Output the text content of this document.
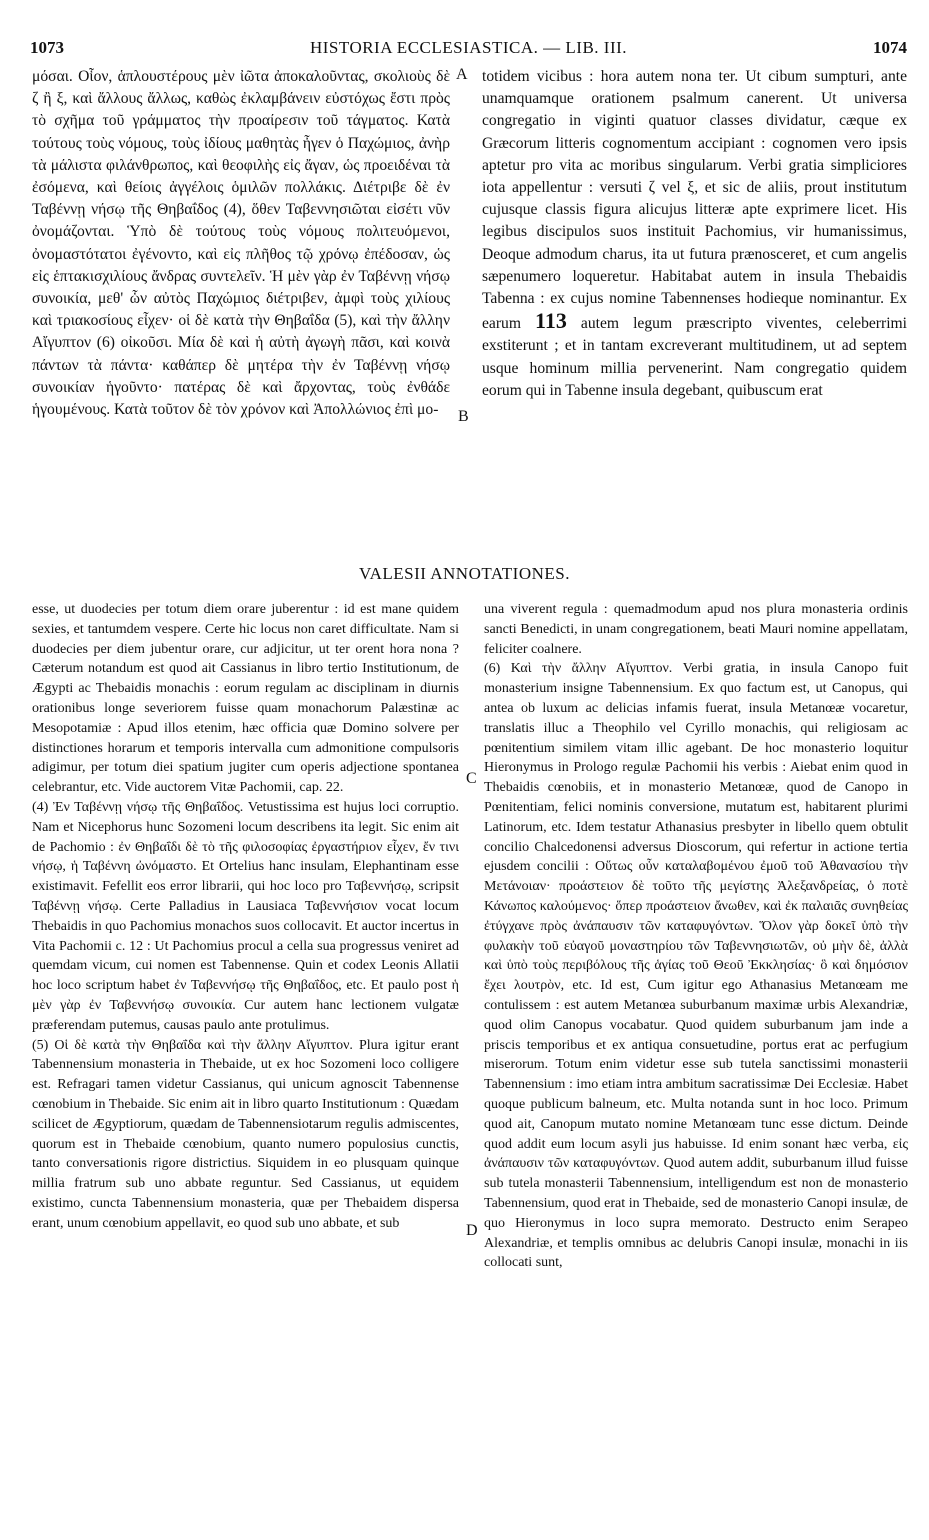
1073	HISTORIA ECCLESIASTICA. — LIB. III.	1074

μόσαι. Οἷον, ἁπλουστέρους μὲν ἰῶτα ἀποκαλοῦντας, σκολιοὺς δὲ ζ ἢ ξ, καὶ ἄλλους ἄλλως, καθὼς ἐκλαμβάνειν εὐστόχως ἔστι πρὸς τὸ σχῆμα τοῦ γράμματος τὴν προαίρεσιν τοῦ τάγματος. Κατὰ τούτους τοὺς νόμους, τοὺς ἰδίους μαθητὰς ἦγεν ὁ Παχώμιος, ἀνὴρ τὰ μάλιστα φιλάνθρωπος, καὶ θεοφιλὴς εἰς ἄγαν, ὡς προειδέναι τὰ ἐσόμενα, καὶ θείοις ἀγγέλοις ὁμιλῶν πολλάκις. Διέτριβε δὲ ἐν Ταβέννῃ νήσῳ τῆς Θηβαΐδος (4), ὅθεν Ταβεννησιῶται εἰσέτι νῦν ὀνομάζονται. Ὑπὸ δὲ τούτους τοὺς νόμους πολιτευόμενοι, ὀνομαστότατοι ἐγένοντο, καὶ εἰς πλῆθος τῷ χρόνῳ ἐπέδοσαν, ὡς εἰς ἑπτακισχιλίους ἄνδρας συντελεῖν. Ἡ μὲν γὰρ ἐν Ταβέννῃ νήσῳ συνοικία, μεθ' ὧν αὐτὸς Παχώμιος διέτριβεν, ἀμφὶ τοὺς χιλίους καὶ τριακοσίους εἶχεν· οἱ δὲ κατὰ τὴν Θηβαΐδα (5), καὶ τὴν ἄλλην Αἴγυπτον (6) οἰκοῦσι. Μία δὲ καὶ ἡ αὐτὴ ἀγωγὴ πᾶσι, καὶ κοινὰ πάντων τὰ πάντα· καθάπερ δὲ μητέρα τὴν ἐν Ταβέννῃ νήσῳ συνοικίαν ἡγοῦντο· πατέρας δὲ καὶ ἄρχοντας, τοὺς ἐνθάδε ἡγουμένους. Κατὰ τοῦτον δὲ τὸν χρόνον καὶ Ἀπολλώνιος ἐπὶ μο-

A
B

totidem vicibus : hora autem nona ter. Ut cibum sumpturi, ante unamquamque orationem psalmum canerent. Ut universa congregatio in viginti quatuor classes dividatur, cæque ex Græcorum litteris cognomentum accipiant : cognomen vero ipsis aptetur pro vita ac moribus singularum. Verbi gratia simpliciores iota appellentur : versuti ζ vel ξ, et sic de aliis, prout institutum cujusque classis figura alicujus litteræ apte exprimere licet. His legibus discipulos suos instituit Pachomius, vir humanissimus, Deoque admodum charus, ita ut futura prænosceret, et cum angelis sæpenumero loqueretur. Habitabat autem in insula Thebaidis Tabenna : ex cujus nomine Tabennenses hodieque nominantur. Ex earum 113 autem legum præscripto viventes, celeberrimi exstiterunt ; et in tantam excreverant multitudinem, ut ad septem usque hominum millia pervenerint. Nam congregatio quidem eorum qui in Tabenne insula degebant, quibuscum erat

VALESII ANNOTATIONES.

esse, ut duodecies per totum diem orare juberentur : id est mane quidem sexies, et tantumdem vespere. Certe hic locus non caret difficultate. Nam si duodecies per diem jubentur orare, cur adjicitur, ut ter orent hora nona ? Cæterum notandum est quod ait Cassianus in libro tertio Institutionum, de Ægypti ac Thebaidis monachis : eorum regulam ac disciplinam in diurnis orationibus longe severiorem fuisse quam monachorum Palæstinæ ac Mesopotamiæ : Apud illos etenim, hæc officia quæ Domino solvere per distinctiones horarum et temporis intervalla cum admonitione compulsoris adigimur, per totum diei spatium jugiter cum operis adjectione spontanea celebrantur, etc. Vide auctorem Vitæ Pachomii, cap. 22.

(4) Ἐν Ταβέννῃ νήσῳ τῆς Θηβαΐδος. Vetustissima est hujus loci corruptio. Nam et Nicephorus hunc Sozomeni locum describens ita legit. Sic enim ait de Pachomio : ἐν Θηβαΐδι δὲ τὸ τῆς φιλοσοφίας ἐργαστήριον εἶχεν, ἔν τινι νήσῳ, ἡ Ταβέννη ὠνόμαστο. Et Ortelius hanc insulam, Elephantinam esse existimavit. Fefellit eos error librarii, qui hoc loco pro Ταβεννήσῳ, scripsit Ταβέννῃ νήσῳ. Certe Palladius in Lausiaca Ταβεννήσιον vocat locum Thebaidis in quo Pachomius monachos suos collocavit. Et auctor incertus in Vita Pachomii c. 12 : Ut Pachomius procul a cella sua progressus veniret ad quemdam vicum, cui nomen est Tabennense. Quin et codex Leonis Allatii hoc loco scriptum habet ἐν Ταβεννήσῳ τῆς Θηβαΐδος, etc. Et paulo post ἡ μὲν γὰρ ἐν Ταβεννήσῳ συνοικία. Cur autem hanc lectionem vulgatæ præferendam putemus, causas paulo ante protulimus.

(5) Οἱ δὲ κατὰ τὴν Θηβαΐδα καὶ τὴν ἄλλην Αἴγυπτον. Plura igitur erant Tabennensium monasteria in Thebaide, ut ex hoc Sozomeni loco colligere est. Refragari tamen videtur Cassianus, qui unicum agnoscit Tabennense cœnobium in Thebaide. Sic enim ait in libro quarto Institutionum : Quædam scilicet de Ægyptiorum, quædam de Tabennensiotarum regulis admiscentes, quorum est in Thebaide cœnobium, quanto numero populosius cunctis, tanto conversationis rigore districtius. Siquidem in eo plusquam quinque millia fratrum sub uno abbate reguntur. Sed Cassianus, ut equidem existimo, cuncta Tabennensium monasteria, quæ per Thebaidem dispersa erant, unum cœnobium appellavit, eo quod sub uno abbate, et sub

C
D

una viverent regula : quemadmodum apud nos plura monasteria ordinis sancti Benedicti, in unam congregationem, beati Mauri nomine appellatam, feliciter coalnere.

(6) Καὶ τὴν ἄλλην Αἴγυπτον. Verbi gratia, in insula Canopo fuit monasterium insigne Tabennensium. Ex quo factum est, ut Canopus, qui antea ob luxum ac delicias infamis fuerat, insula Metanœæ vocaretur, translatis illuc a Theophilo vel Cyrillo monachis, qui religiosam ac pœnitentium similem vitam illic agebant. De hoc monasterio loquitur Hieronymus in Prologo regulæ Pachomii his verbis : Aiebat enim quod in Thebaidis cœnobiis, et in monasterio Metanœæ, quod de Canopo in Pœnitentiam, felici nominis conversione, mutatum est, habitarent plurimi Latinorum, etc. Idem testatur Athanasius presbyter in libello quem obtulit concilio Chalcedonensi adversus Dioscorum, qui refertur in actione tertia ejusdem concilii : Οὕτως οὖν καταλαβομένου ἐμοῦ τοῦ Ἀθανασίου τὴν Μετάνοιαν· προάστειον δὲ τοῦτο τῆς μεγίστης Ἀλεξανδρείας, ὁ ποτὲ Κάνωπος καλούμενος· ὅπερ προάστειον ἄνωθεν, καὶ ἐκ παλαιᾶς συνηθείας ἐτύγχανε πρὸς ἀνάπαυσιν τῶν καταφυγόντων. Ὅλον γὰρ δοκεῖ ὑπὸ τὴν φυλακὴν τοῦ εὐαγοῦ μοναστηρίου τῶν Ταβεννησιωτῶν, οὐ μὴν δὲ, ἀλλὰ καὶ ὑπὸ τοὺς περιβόλους τῆς ἁγίας τοῦ Θεοῦ Ἐκκλησίας· ὃ καὶ δημόσιον ἔχει λουτρὸν, etc. Id est, Cum igitur ego Athanasius Metanœam me contulissem : est autem Metanœa suburbanum maximæ urbis Alexandriæ, quod olim Canopus vocabatur. Quod quidem suburbanum jam inde a priscis temporibus et ex antiqua consuetudine, portus erat ac perfugium miserorum. Totum enim videtur esse sub tutela sanctissimi monasterii Tabennensium : imo etiam intra ambitum sacratissimæ Dei Ecclesiæ. Habet quoque publicum balneum, etc. Multa notanda sunt in hoc loco. Primum quod ait, Canopum mutato nomine Metanœam tunc esse dictum. Deinde quod addit eum locum asyli jus habuisse. Id enim sonant hæc verba, εἰς ἀνάπαυσιν τῶν καταφυγόντων. Quod autem addit, suburbanum illud fuisse sub tutela monasterii Tabennensium, intelligendum est non de monasterio Tabennensium, quod erat in Thebaide, sed de monasterio Canopi insulæ, de quo Hieronymus in loco supra memorato. Destructo enim Serapeo Alexandriæ, et templis omnibus ac delubris Canopi insulæ, monachi in iis collocati sunt,
